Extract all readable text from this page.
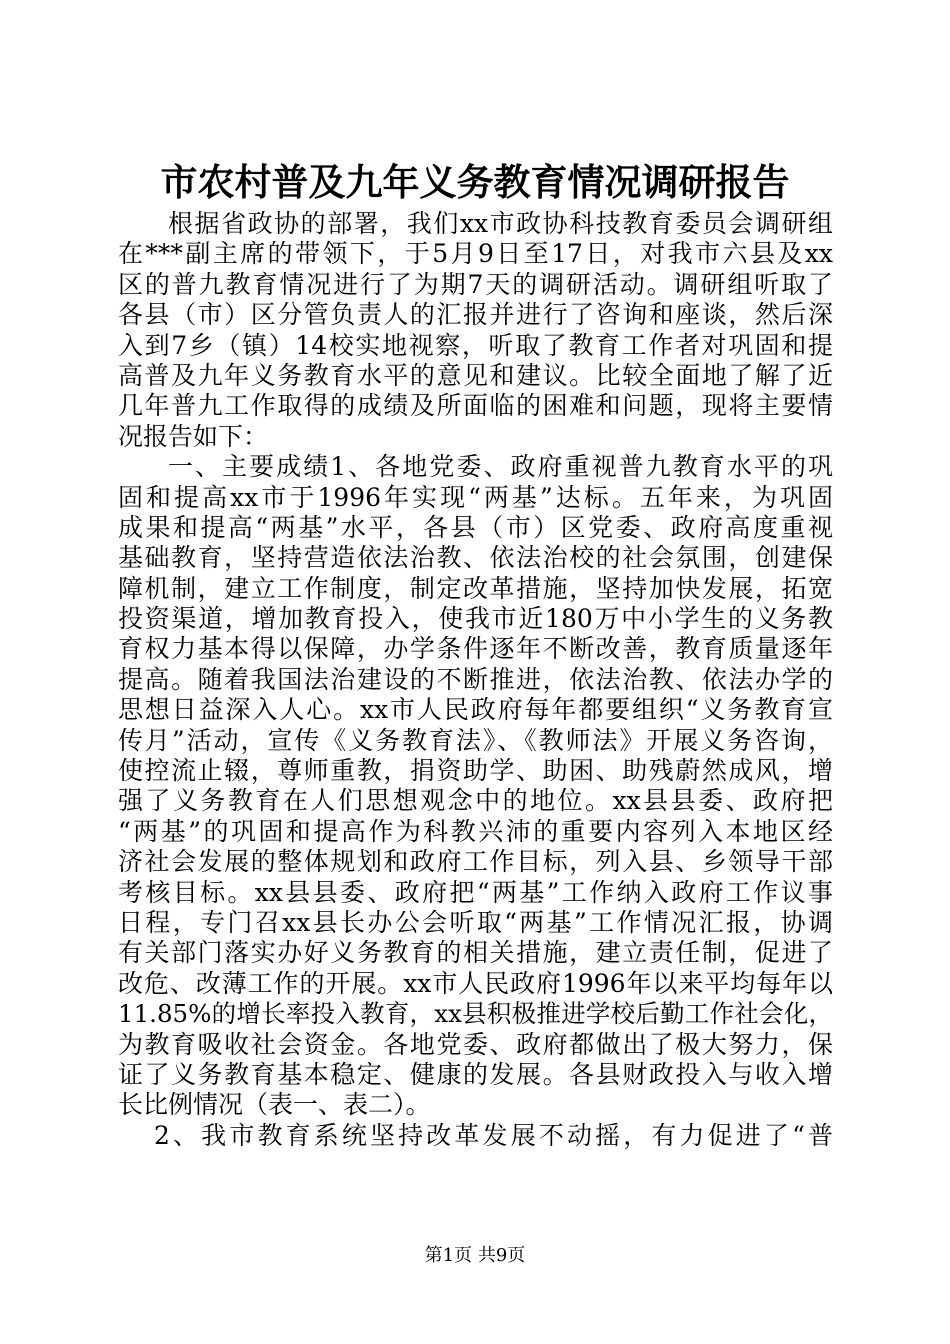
市农村普及九年义务教育情况调研报告
根据省政协的部署，我们xx市政协科技教育委员会调研组
在***副主席的带领下，于5月9日至17日，对我市六县及xx
区的普九教育情况进行了为期7天的调研活动。调研组听取了
各县（市）区分管负责人的汇报并进行了咨询和座谈，然后深
入到7乡（镇）14校实地视察，听取了教育工作者对巩固和提
高普及九年义务教育水平的意见和建议。比较全面地了解了近
几年普九工作取得的成绩及所面临的困难和问题，现将主要情
况报告如下：
一、主要成绩1、各地党委、政府重视普九教育水平的巩
固和提高xx市于1996年实现“两基”达标。五年来，为巩固
成果和提高“两基”水平，各县（市）区党委、政府高度重视
基础教育，坚持营造依法治教、依法治校的社会氛围，创建保
障机制，建立工作制度，制定改革措施，坚持加快发展，拓宽
投资渠道，增加教育投入，使我市近180万中小学生的义务教
育权力基本得以保障，办学条件逐年不断改善，教育质量逐年
提高。随着我国法治建设的不断推进，依法治教、依法办学的
思想日益深入人心。xx市人民政府每年都要组织“义务教育宣
传月”活动，宣传《义务教育法》、《教师法》开展义务咨询，
使控流止辍，尊师重教，捐资助学、助困、助残蔚然成风，增
强了义务教育在人们思想观念中的地位。xx县县委、政府把
“两基”的巩固和提高作为科教兴沛的重要内容列入本地区经
济社会发展的整体规划和政府工作目标，列入县、乡领导干部
考核目标。xx县县委、政府把“两基”工作纳入政府工作议事
日程，专门召xx县长办公会听取“两基”工作情况汇报，协调
有关部门落实办好义务教育的相关措施，建立责任制，促进了
改危、改薄工作的开展。xx市人民政府1996年以来平均每年以
11.85%的增长率投入教育，xx县积极推进学校后勤工作社会化，
为教育吸收社会资金。各地党委、政府都做出了极大努力，保
证了义务教育基本稳定、健康的发展。各县财政投入与收入增
长比例情况（表一、表二）。
2、我市教育系统坚持改革发展不动摇，有力促进了“普
第1页 共9页
